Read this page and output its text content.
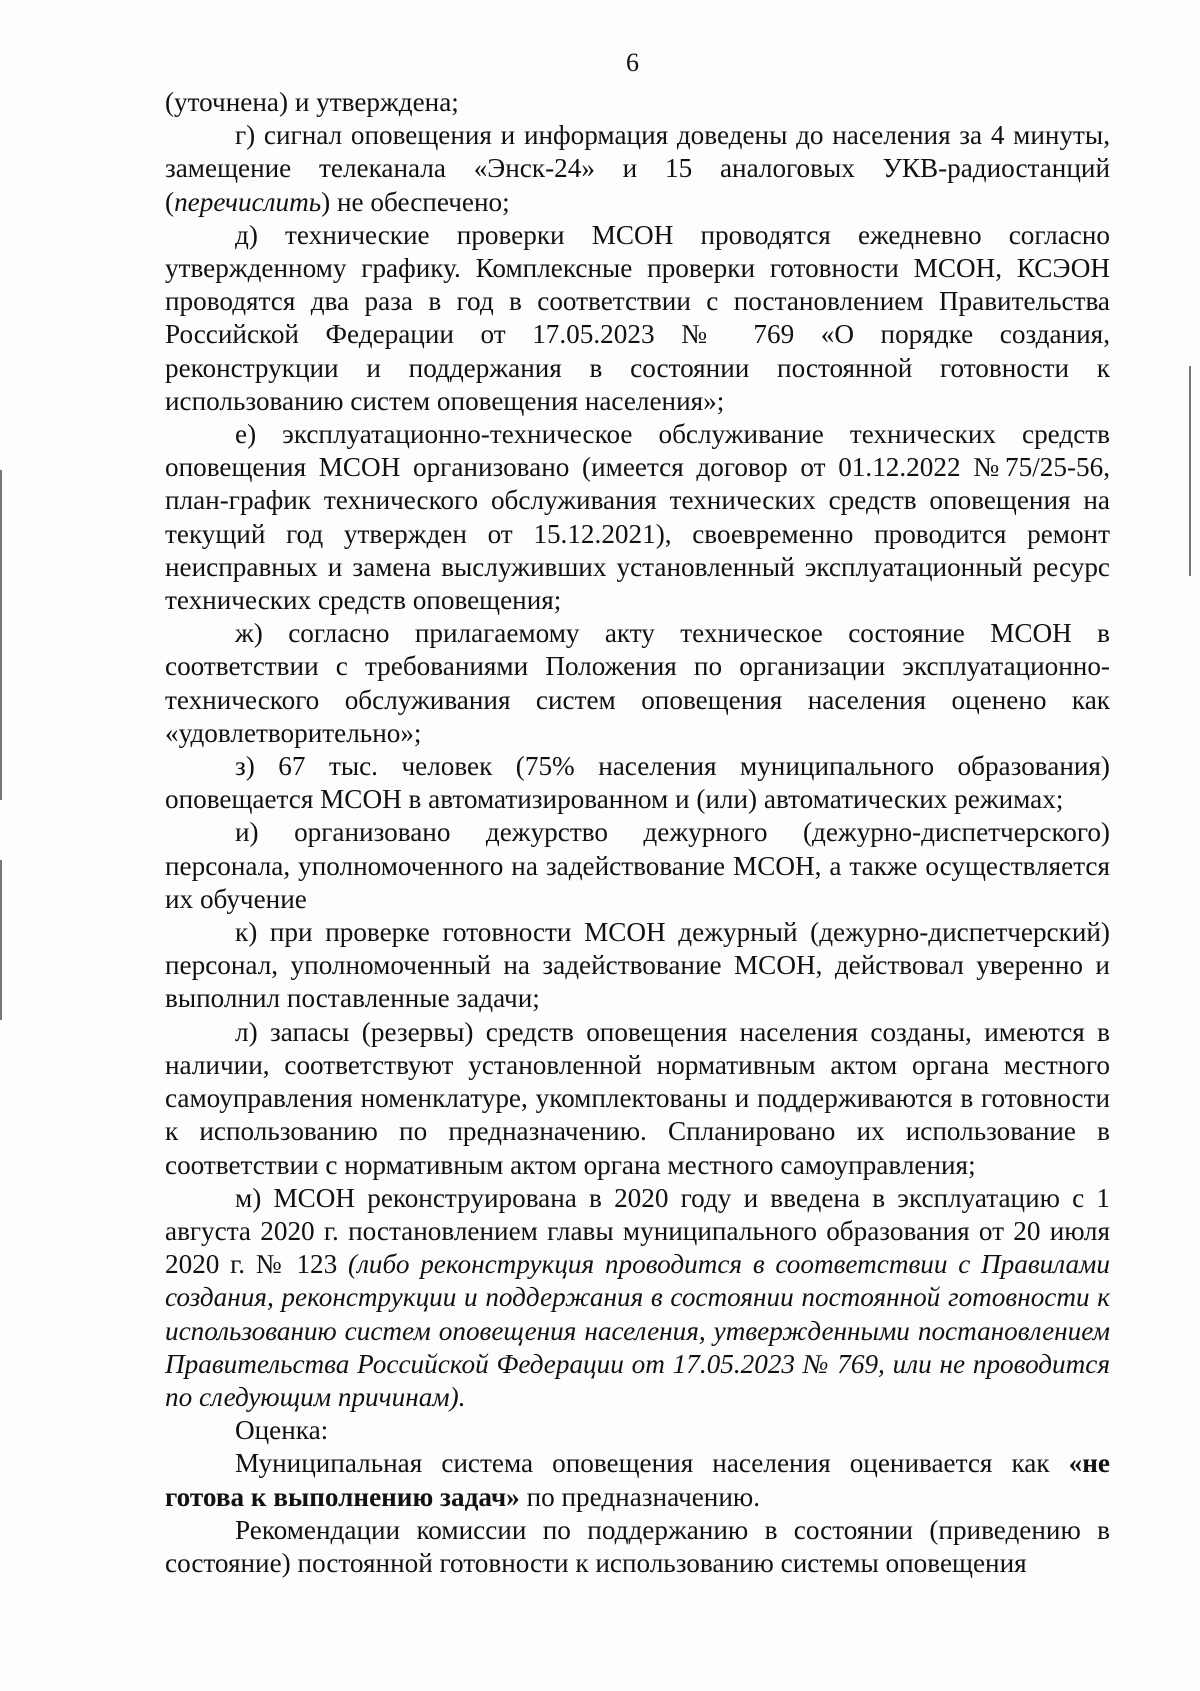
6

(уточнена) и утверждена;

г) сигнал оповещения и информация доведены до населения за 4 минуты, замещение телеканала «Энск-24» и 15 аналоговых УКВ-радиостанций (перечислить) не обеспечено;

д) технические проверки МСОН проводятся ежедневно согласно утвержденному графику. Комплексные проверки готовности МСОН, КСЭОН проводятся два раза в год в соответствии с постановлением Правительства Российской Федерации от 17.05.2023 № 769 «О порядке создания, реконструкции и поддержания в состоянии постоянной готовности к использованию систем оповещения населения»;

е) эксплуатационно-техническое обслуживание технических средств оповещения МСОН организовано (имеется договор от 01.12.2022 №75/25-56, план-график технического обслуживания технических средств оповещения на текущий год утвержден от 15.12.2021), своевременно проводится ремонт неисправных и замена выслуживших установленный эксплуатационный ресурс технических средств оповещения;

ж) согласно прилагаемому акту техническое состояние МСОН в соответствии с требованиями Положения по организации эксплуатационно-технического обслуживания систем оповещения населения оценено как «удовлетворительно»;

з) 67 тыс. человек (75% населения муниципального образования) оповещается МСОН в автоматизированном и (или) автоматических режимах;

и) организовано дежурство дежурного (дежурно-диспетчерского) персонала, уполномоченного на задействование МСОН, а также осуществляется их обучение

к) при проверке готовности МСОН дежурный (дежурно-диспетчерский) персонал, уполномоченный на задействование МСОН, действовал уверенно и выполнил поставленные задачи;

л) запасы (резервы) средств оповещения населения созданы, имеются в наличии, соответствуют установленной нормативным актом органа местного самоуправления номенклатуре, укомплектованы и поддерживаются в готовности к использованию по предназначению. Спланировано их использование в соответствии с нормативным актом органа местного самоуправления;

м) МСОН реконструирована в 2020 году и введена в эксплуатацию с 1 августа 2020 г. постановлением главы муниципального образования от 20 июля 2020 г. № 123 (либо реконструкция проводится в соответствии с Правилами создания, реконструкции и поддержания в состоянии постоянной готовности к использованию систем оповещения населения, утвержденными постановлением Правительства Российской Федерации от 17.05.2023 № 769, или не проводится по следующим причинам).

Оценка:

Муниципальная система оповещения населения оценивается как «не готова к выполнению задач» по предназначению.

Рекомендации комиссии по поддержанию в состоянии (приведению в состояние) постоянной готовности к использованию системы оповещения
